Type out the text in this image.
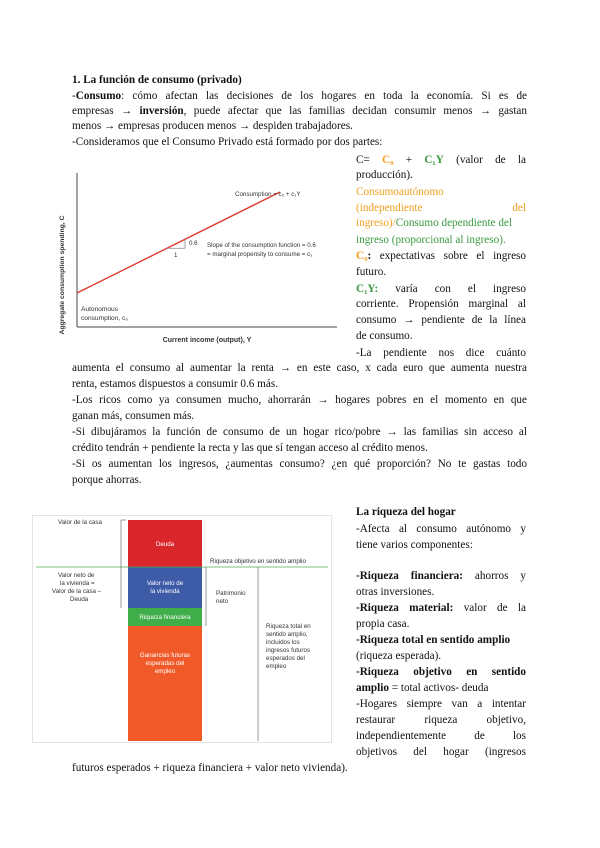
1. La función de consumo (privado)
-Consumo: cómo afectan las decisiones de los hogares en toda la economía. Si es de
empresas → inversión, puede afectar que las familias decidan consumir menos → gastan
menos → empresas producen menos → despiden trabajadores.
-Consideramos que el Consumo Privado está formado por dos partes:
C= C₀ + C₁Y (valor de la
producción).
Consumoautónomo
(independiente del
ingreso)/Consumo dependiente del
ingreso (proporcional al ingreso).
C₀: expectativas sobre el ingreso
futuro.
C₁Y: varía con el ingreso
corriente. Propensión marginal al
consumo → pendiente de la línea
de consumo.
-La pendiente nos dice cuánto
Aggregate consumption spending, C	0.6
1
Consumption = c₀ + c₁Y
Slope of the consumption function = 0.6
= marginal propensity to consume = c₁
Autonomous
consumption, c₀
Current income (output), Y
aumenta el consumo al aumentar la renta → en este caso, x cada euro que aumenta nuestra
renta, estamos dispuestos a consumir 0.6 más.
-Los ricos como ya consumen mucho, ahorrarán → hogares pobres en el momento en que
ganan más, consumen más.
-Si dibujáramos la función de consumo de un hogar rico/pobre → las familias sin acceso al
crédito tendrán + pendiente la recta y las que sí tengan acceso al crédito menos.
-Si os aumentan los ingresos, ¿aumentas consumo? ¿en qué proporción? No te gastas todo
porque ahorras.
La riqueza del hogar
-Afecta al consumo autónomo y
tiene varios componentes:
-Riqueza financiera: ahorros y
otras inversiones.
-Riqueza material: valor de la
propia casa.
-Riqueza total en sentido amplio
(riqueza esperada).
-Riqueza objetivo en sentido
amplio = total activos- deuda
-Hogares siempre van a intentar
restaurar riqueza objetivo,
independientemente de los
objetivos del hogar (ingresos
futuros esperados + riqueza financiera + valor neto vivienda).
Deuda
Valor neto de
la vivienda
Riqueza financiera
Ganancias futuras
esperadas del
empleo
Valor de la casa
Valor neto de
la vivienda =
Valor de la casa –
Deuda
Riqueza objetivo en sentido amplio
Patrimonio
neto
Riqueza total en
sentido amplio,
incluidos los
ingresos futuros
esperados del
empleo
